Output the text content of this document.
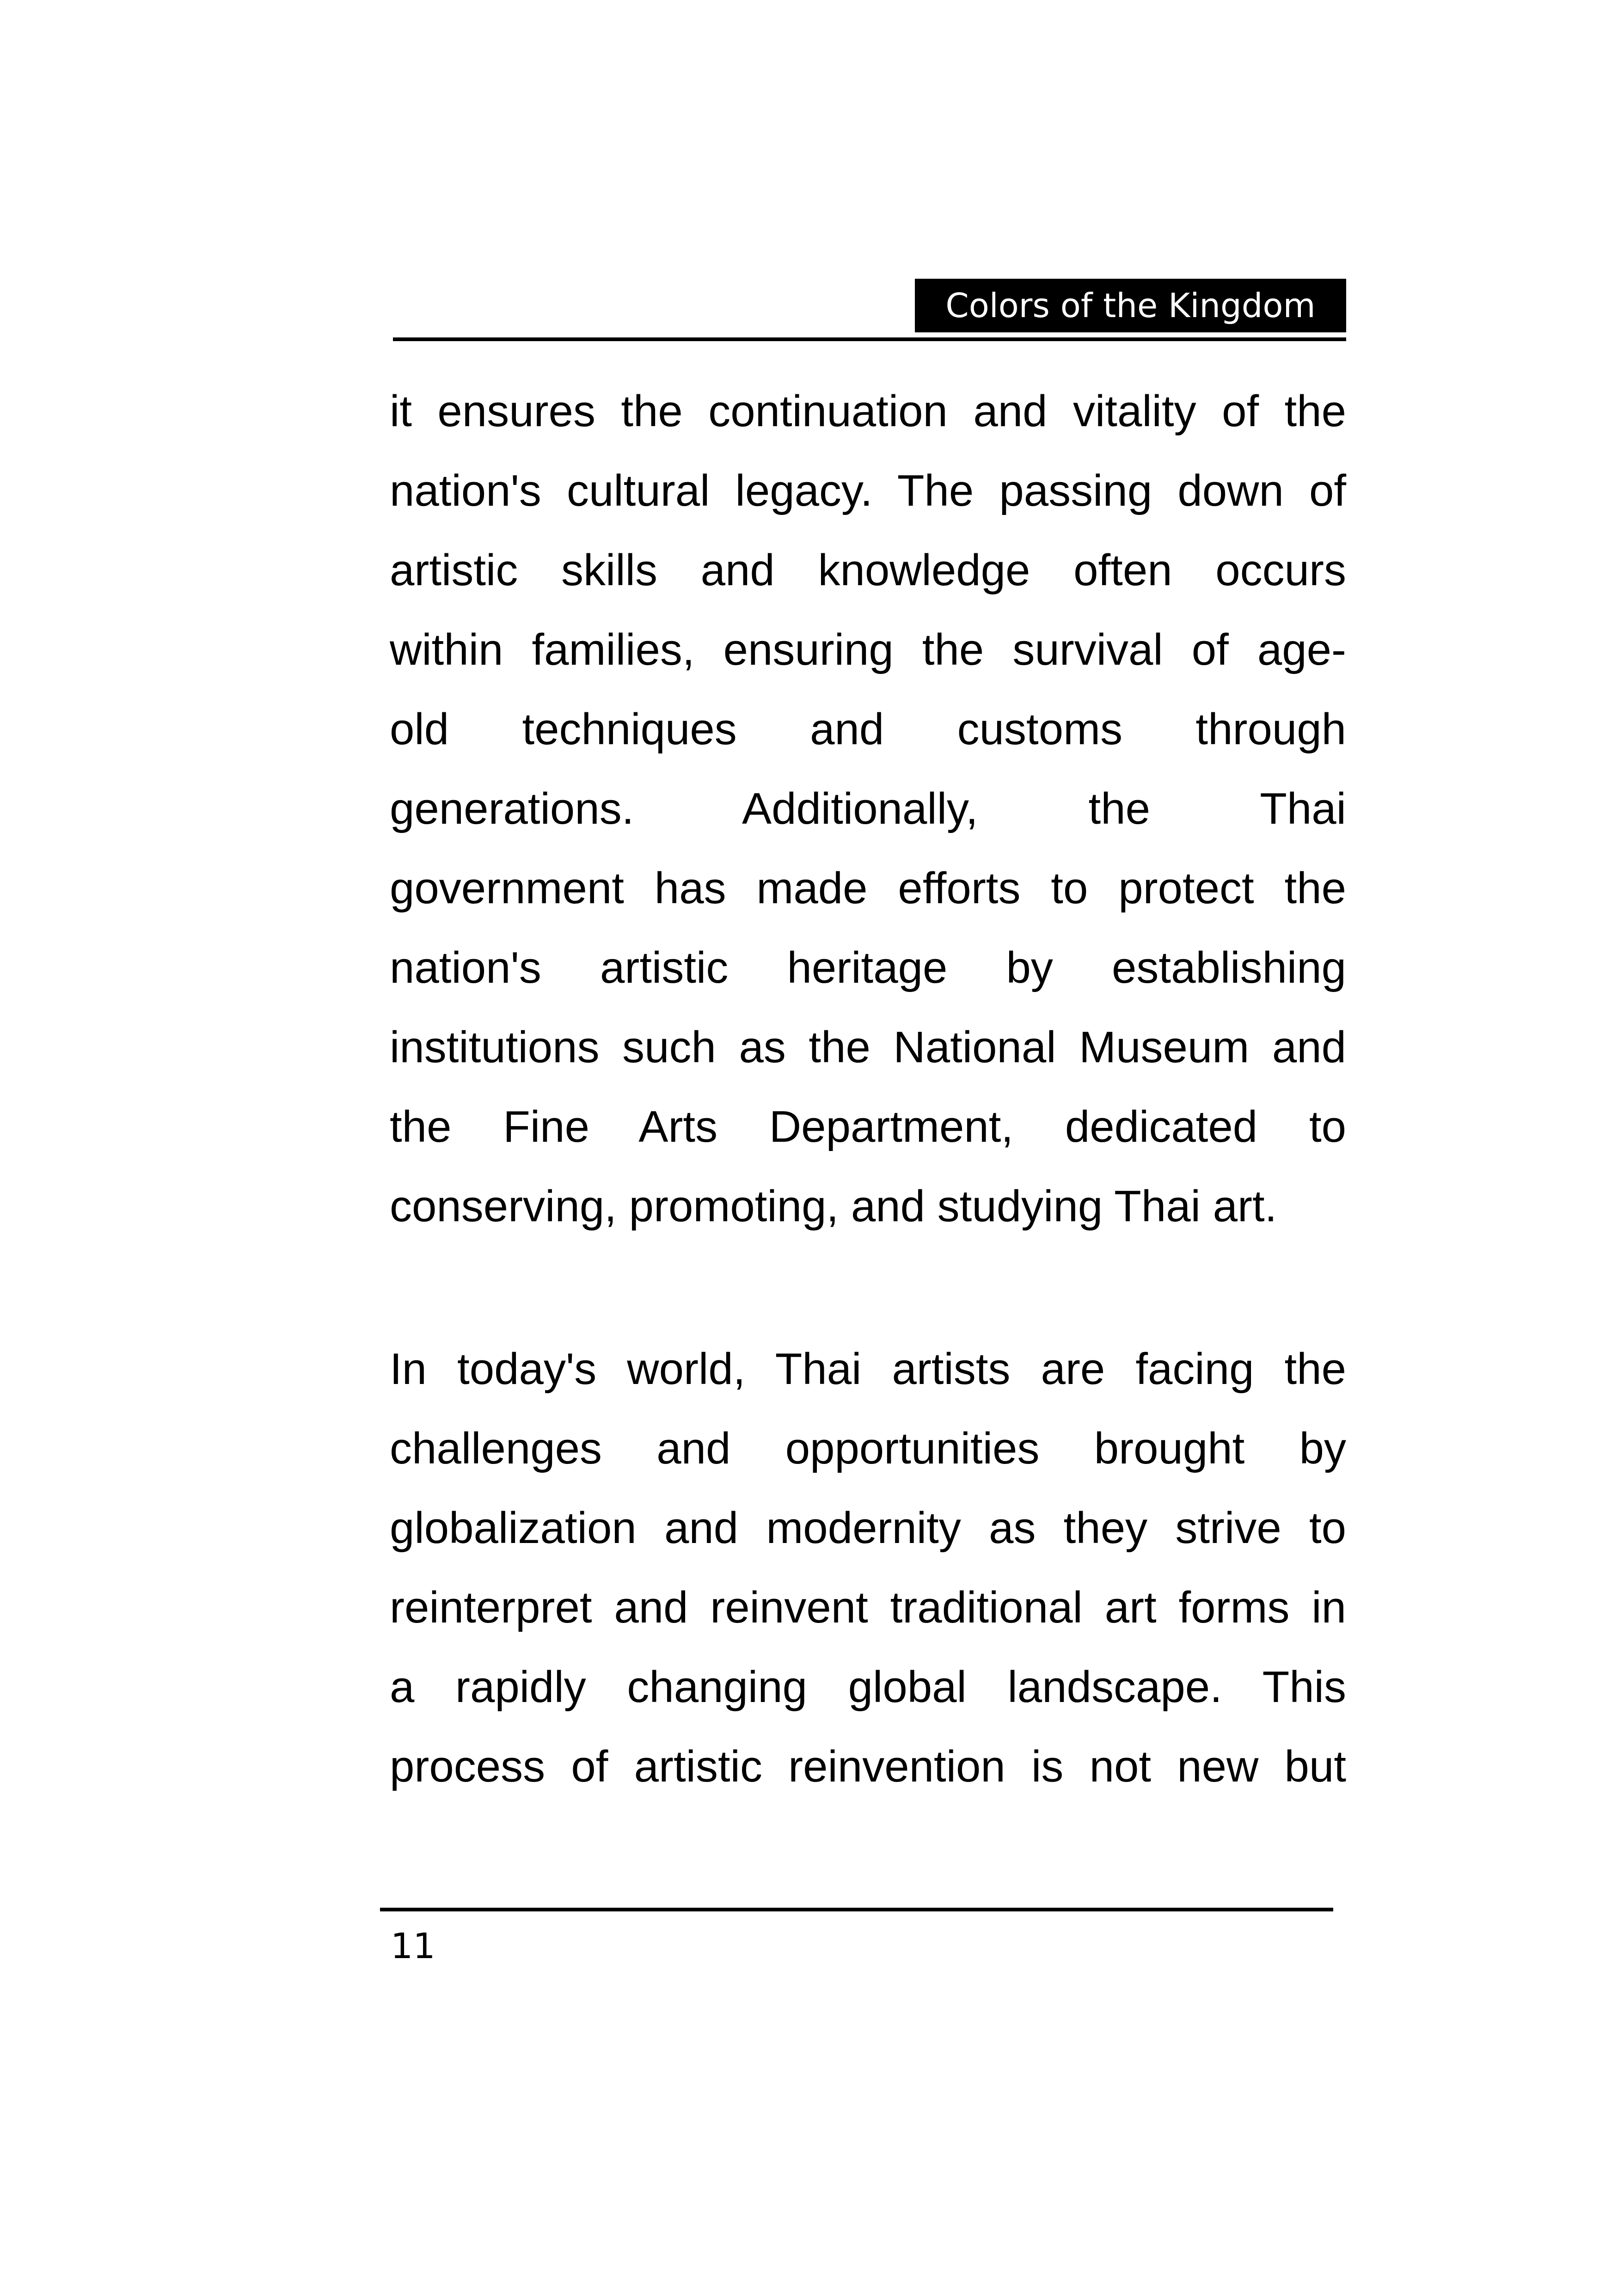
Colors of the Kingdom
it ensures the continuation and vitality of the
nation's cultural legacy. The passing down of
artistic skills and knowledge often occurs
within families, ensuring the survival of age-
old techniques and customs through
generations. Additionally, the Thai
government has made efforts to protect the
nation's artistic heritage by establishing
institutions such as the National Museum and
the Fine Arts Department, dedicated to
conserving, promoting, and studying Thai art.
In today's world, Thai artists are facing the
challenges and opportunities brought by
globalization and modernity as they strive to
reinterpret and reinvent traditional art forms in
a rapidly changing global landscape. This
process of artistic reinvention is not new but
11
